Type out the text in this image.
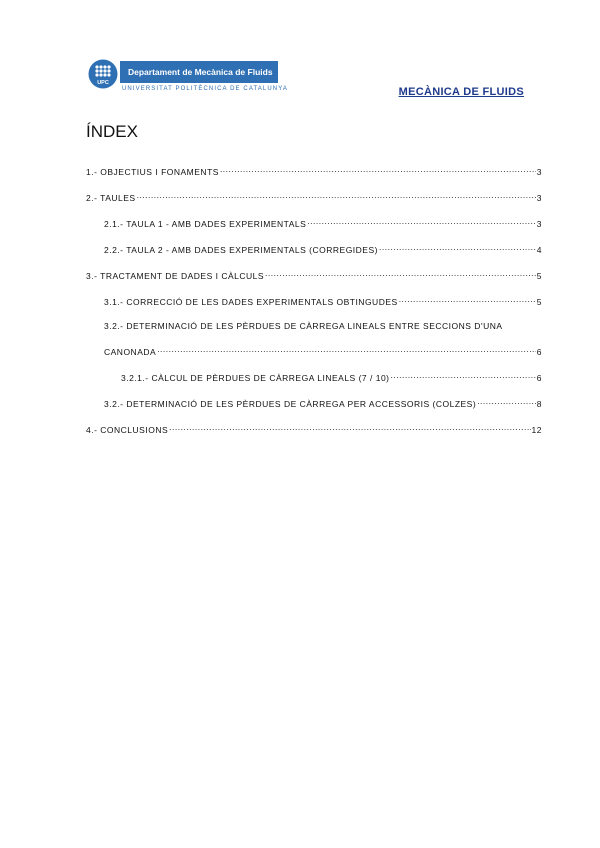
UPC
Departament de Mecànica de Fluids
UNIVERSITAT POLITÈCNICA DE CATALUNYA	MECÀNICA DE FLUIDS
ÍNDEX
1.- OBJECTIUS I FONAMENTS .....	3
2.- TAULES .....	3
2.1.- TAULA 1 - AMB DADES EXPERIMENTALS .....	3
2.2.- TAULA 2 - AMB DADES EXPERIMENTALS (CORREGIDES) .....	4
3.- TRACTAMENT DE DADES I CÀLCULS .....	5
3.1.- CORRECCIÓ DE LES DADES EXPERIMENTALS OBTINGUDES .....	5
3.2.- DETERMINACIÓ DE LES PÈRDUES DE CÀRREGA LINEALS ENTRE SECCIONS D'UNA
CANONADA .....	6
3.2.1.- CÀLCUL DE PÈRDUES DE CÀRREGA LINEALS (7 / 10) .....	6
3.2.- DETERMINACIÓ DE LES PÈRDUES DE CÀRREGA PER ACCESSORIS (COLZES) .....	8
4.- CONCLUSIONS .....	12
